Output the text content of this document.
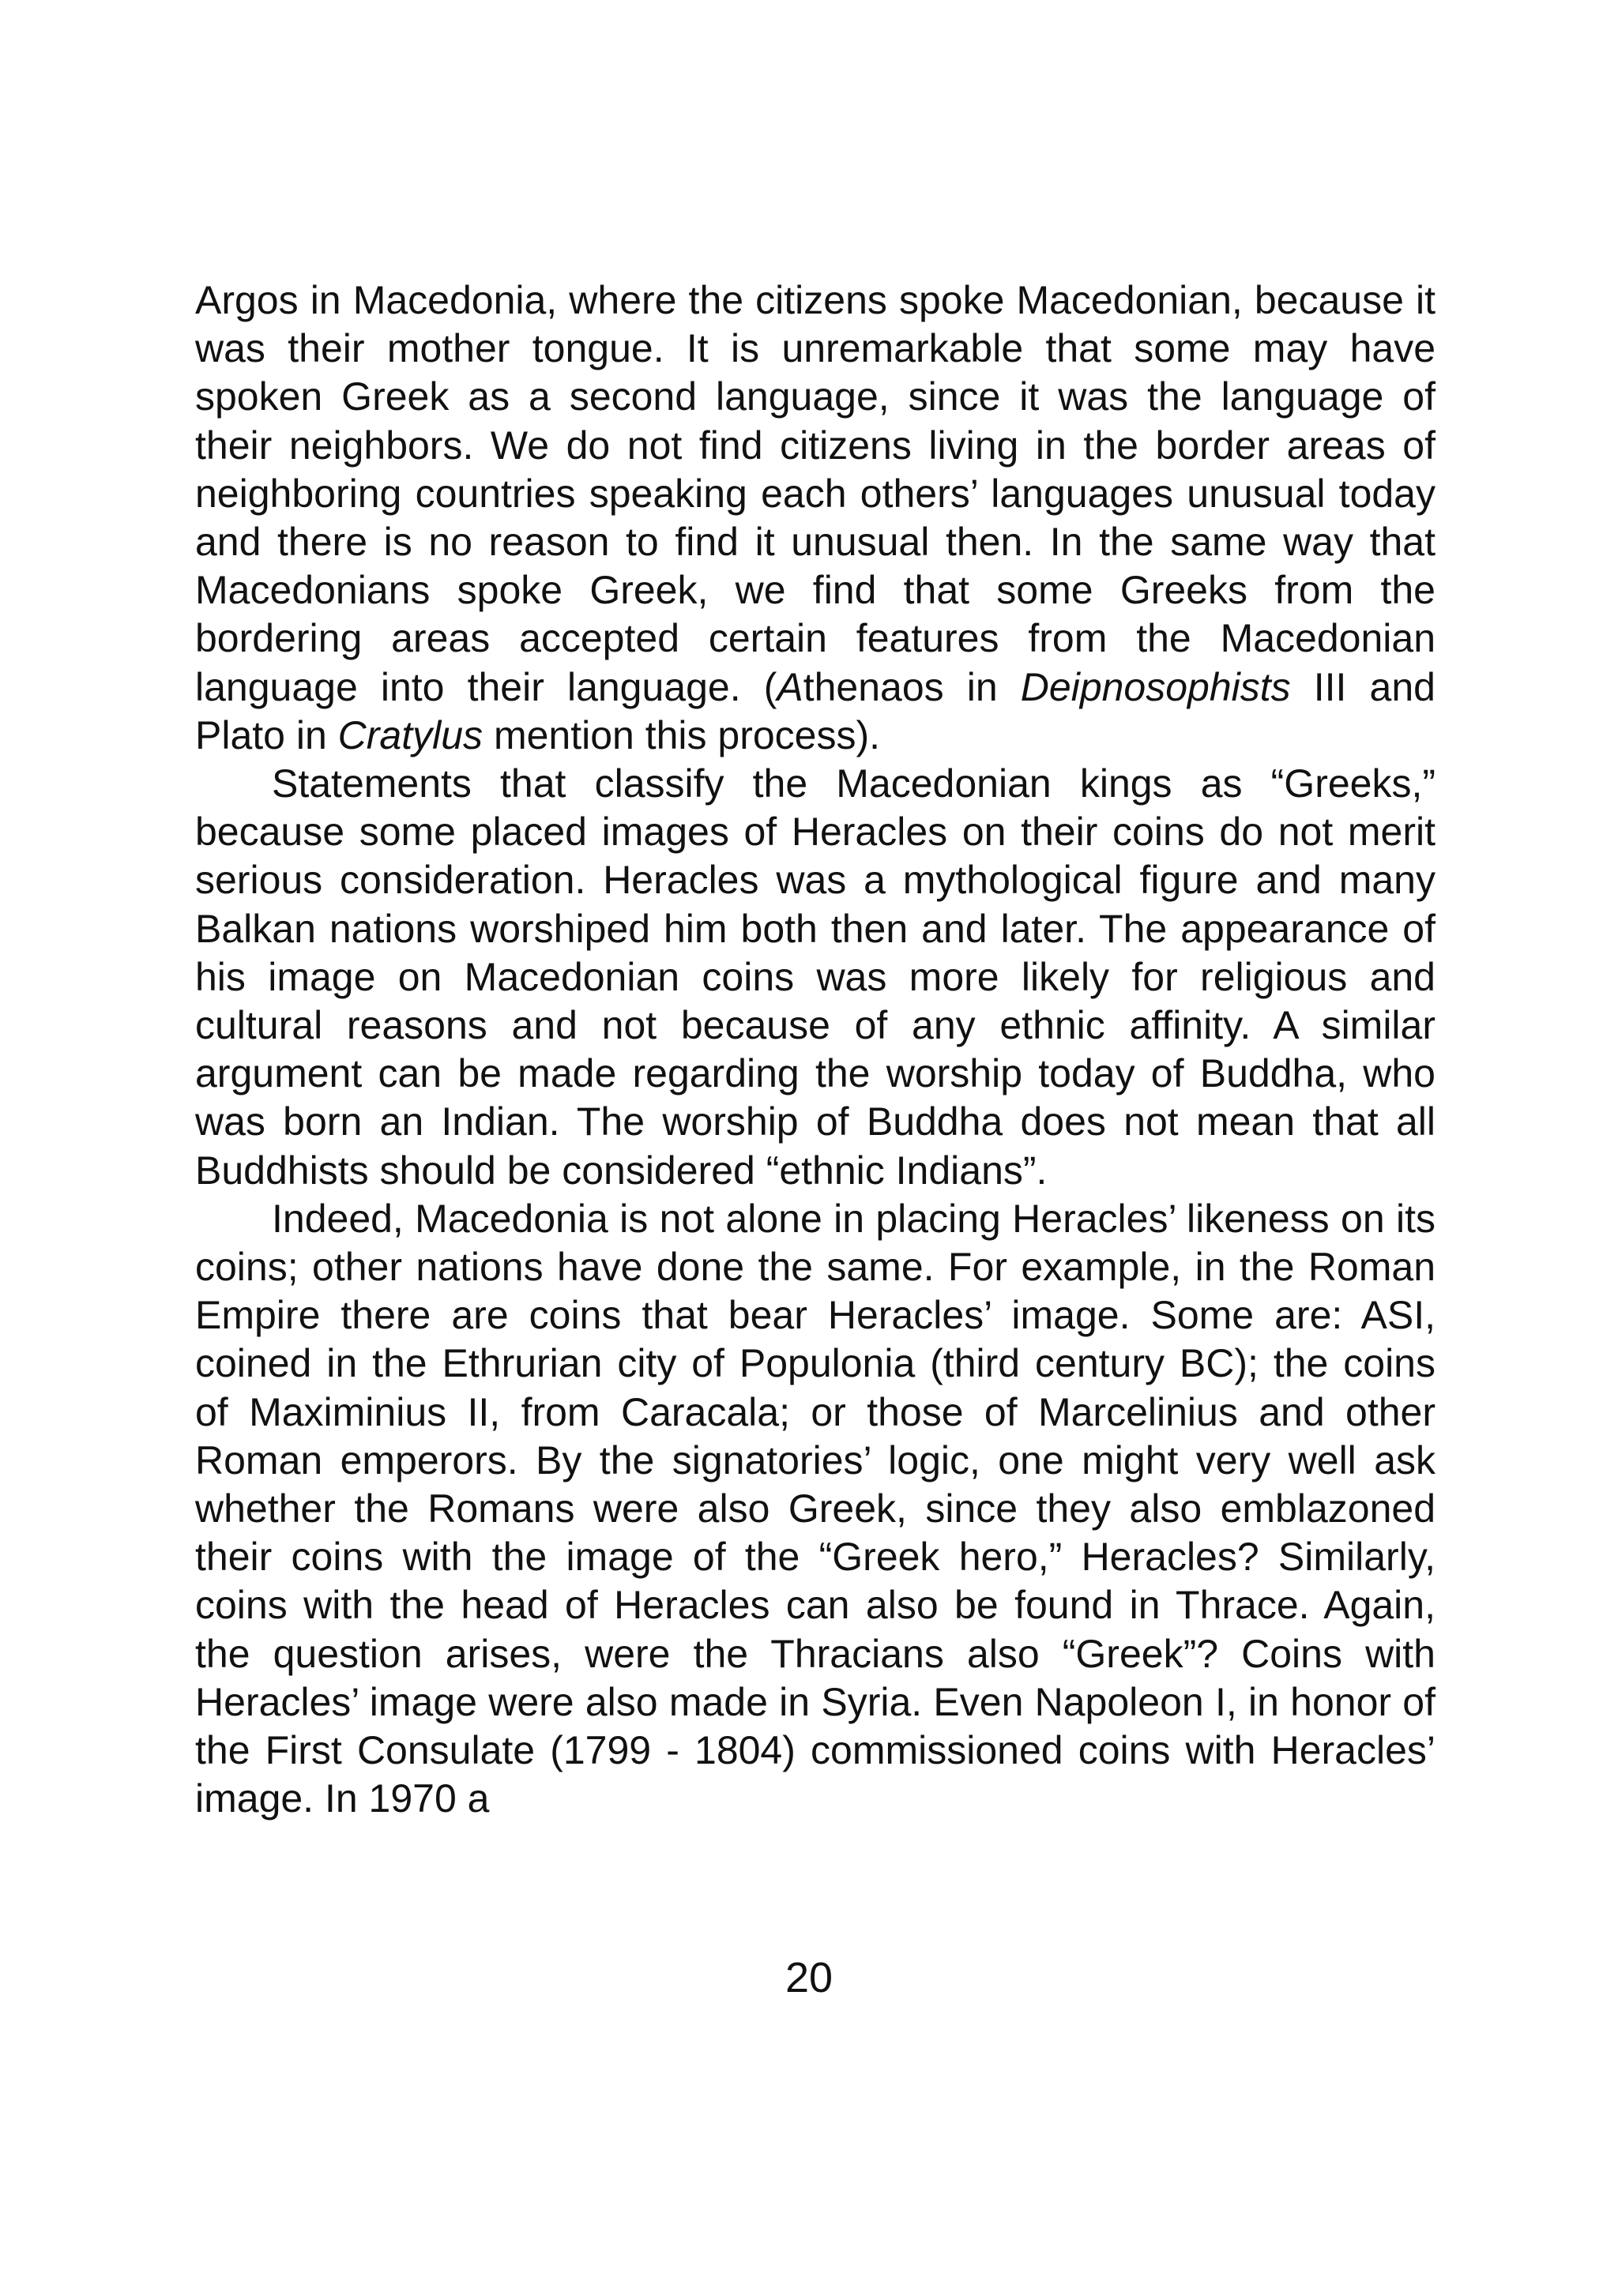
Argos in Macedonia, where the citizens spoke Macedonian, because it was their mother tongue. It is unremarkable that some may have spoken Greek as a second language, since it was the language of their neighbors. We do not find citizens living in the border areas of neighboring countries speaking each others’ languages unusual today and there is no reason to find it unusual then. In the same way that Macedonians spoke Greek, we find that some Greeks from the bordering areas accepted certain features from the Macedonian language into their language. (Athenaos in Deipnosophists III and Plato in Cratylus mention this process).

Statements that classify the Macedonian kings as “Greeks,” because some placed images of Heracles on their coins do not merit serious consideration. Heracles was a mythological figure and many Balkan nations worshiped him both then and later. The appearance of his image on Macedonian coins was more likely for religious and cultural reasons and not because of any ethnic affinity. A similar argument can be made regarding the worship today of Buddha, who was born an Indian. The worship of Buddha does not mean that all Buddhists should be considered “ethnic Indians”.

Indeed, Macedonia is not alone in placing Heracles’ likeness on its coins; other nations have done the same. For example, in the Roman Empire there are coins that bear Heracles’ image. Some are: ASI, coined in the Ethrurian city of Populonia (third century BC); the coins of Maximinius II, from Caracala; or those of Marcelinius and other Roman emperors. By the signatories’ logic, one might very well ask whether the Romans were also Greek, since they also emblazoned their coins with the image of the “Greek hero,” Heracles? Similarly, coins with the head of Heracles can also be found in Thrace. Again, the question arises, were the Thracians also “Greek”? Coins with Heracles’ image were also made in Syria. Even Napoleon I, in honor of the First Consulate (1799 - 1804) commissioned coins with Heracles’ image. In 1970 a

20
